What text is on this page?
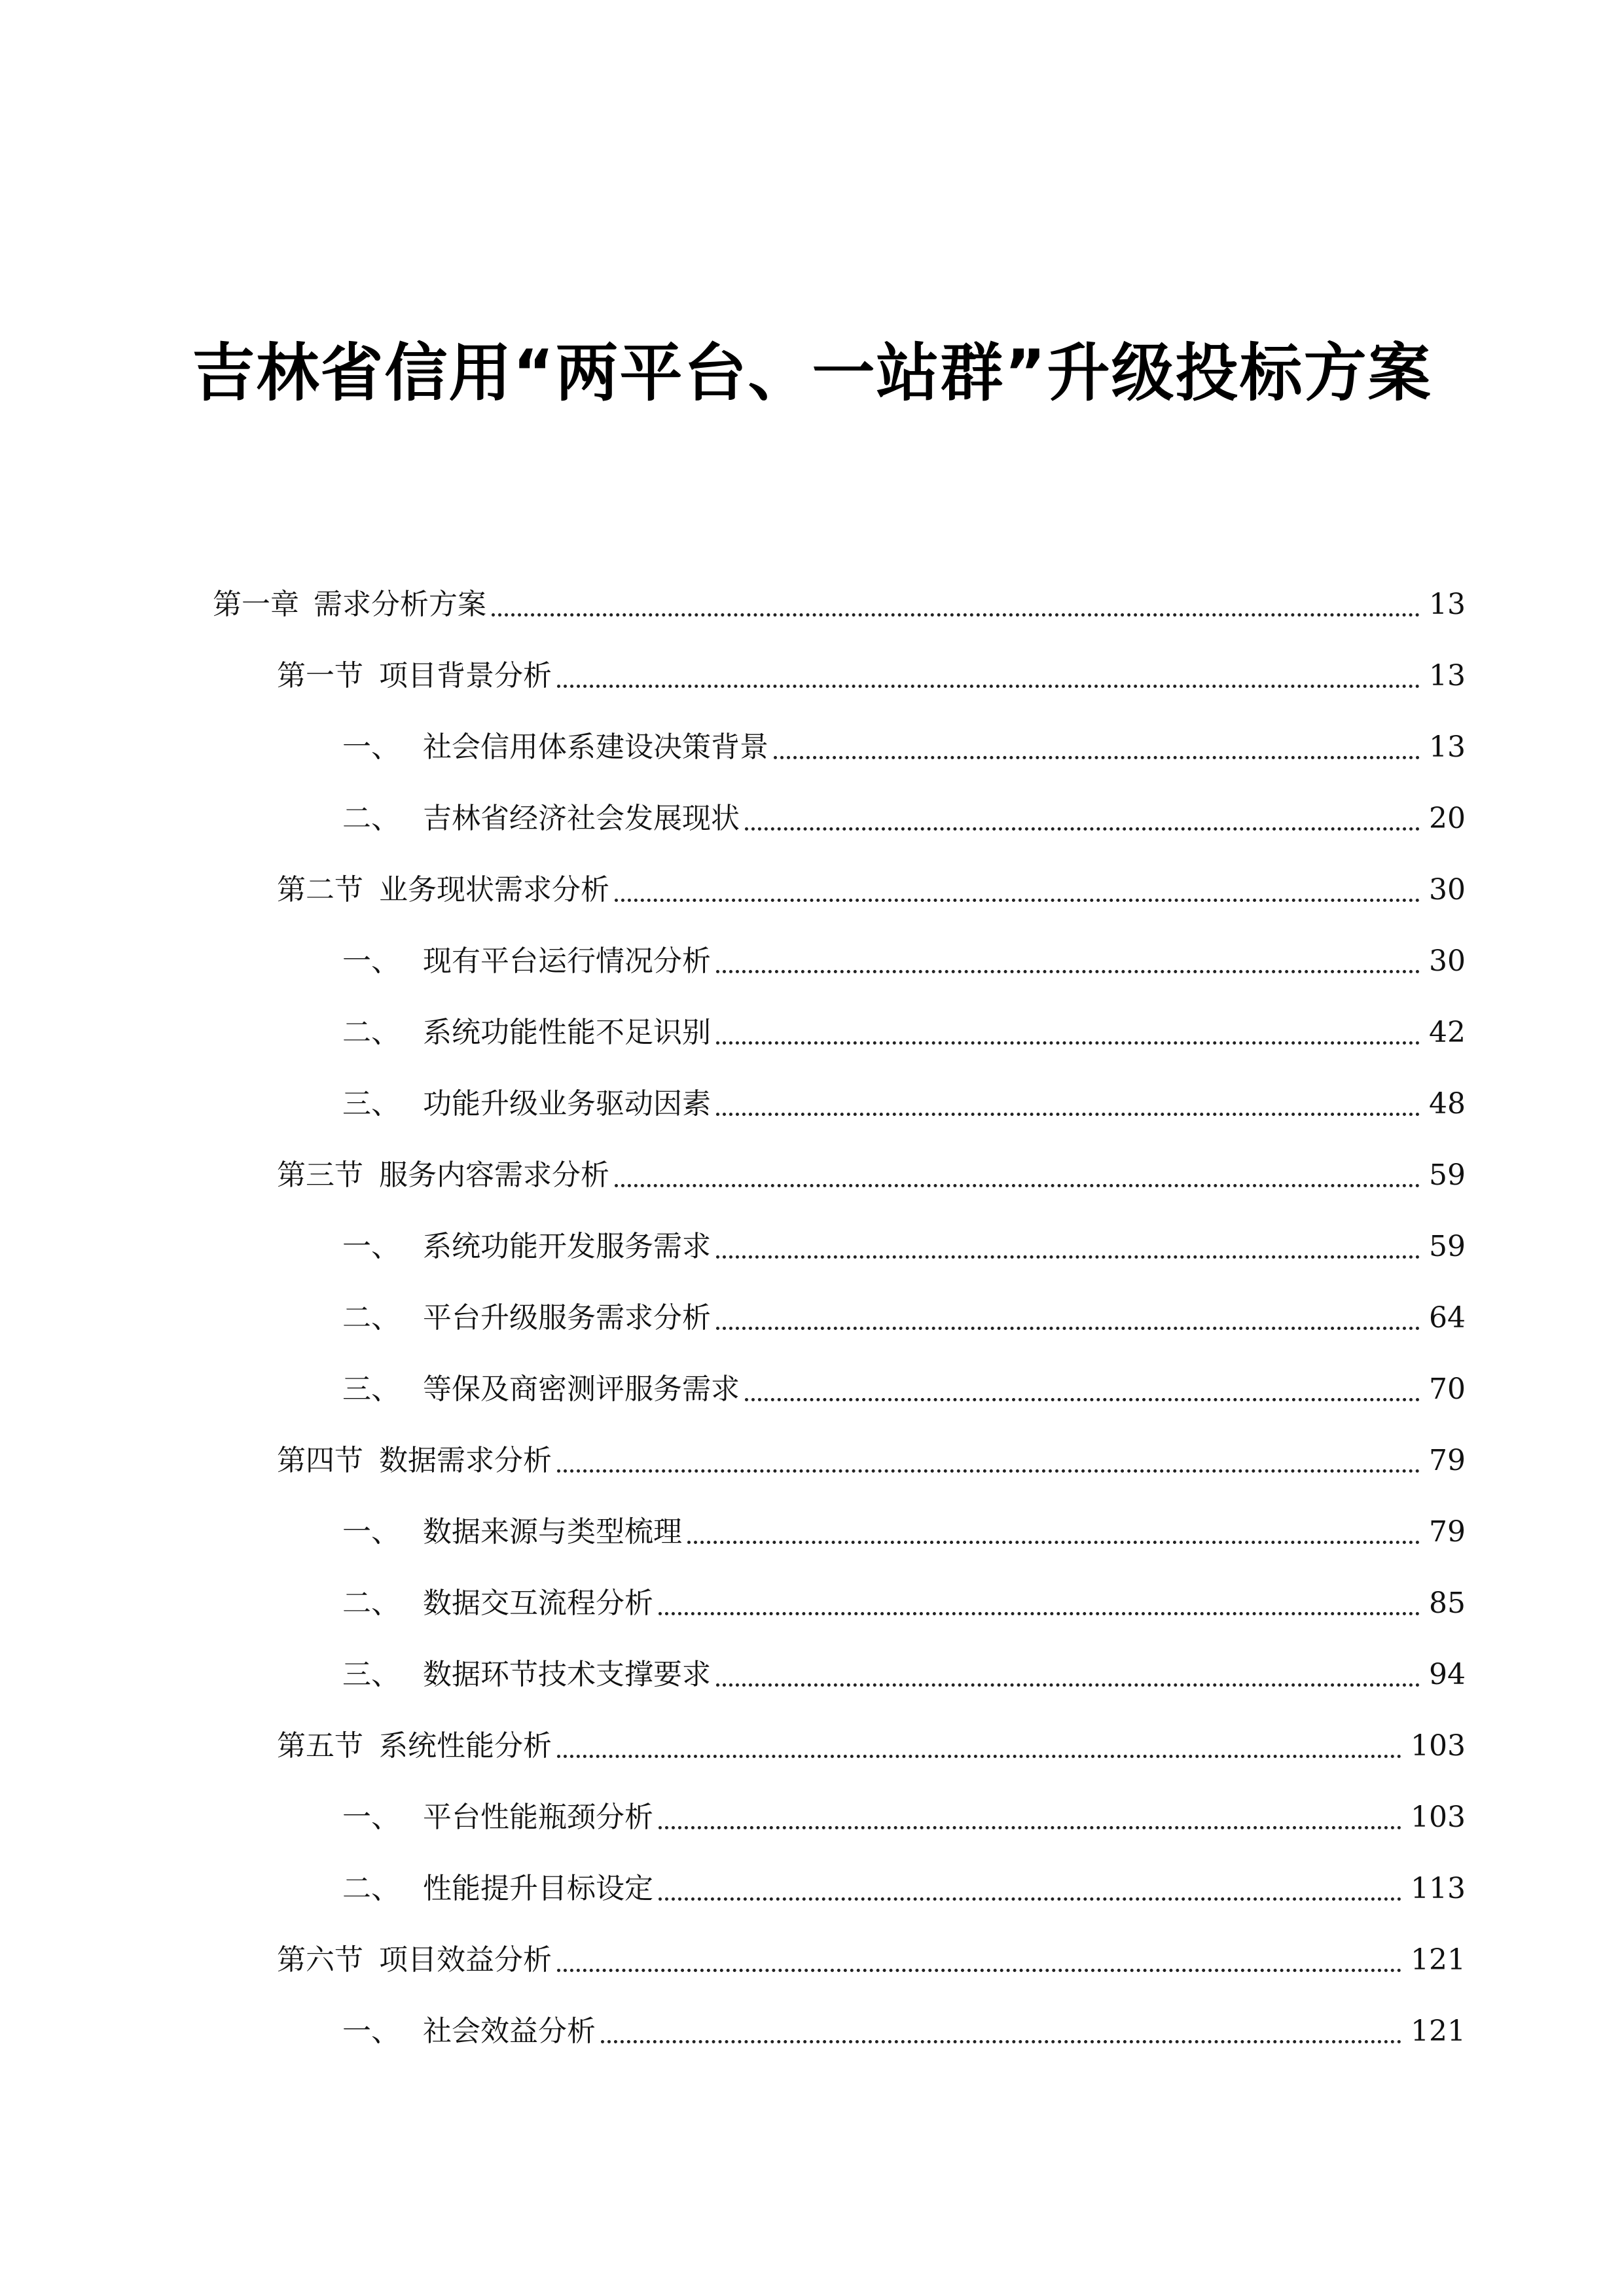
吉林省信用“两平台、一站群”升级投标方案
第一章 需求分析方案	13
第一节 项目背景分析	13
一、 社会信用体系建设决策背景	13
二、 吉林省经济社会发展现状	20
第二节 业务现状需求分析	30
一、 现有平台运行情况分析	30
二、 系统功能性能不足识别	42
三、 功能升级业务驱动因素	48
第三节 服务内容需求分析	59
一、 系统功能开发服务需求	59
二、 平台升级服务需求分析	64
三、 等保及商密测评服务需求	70
第四节 数据需求分析	79
一、 数据来源与类型梳理	79
二、 数据交互流程分析	85
三、 数据环节技术支撑要求	94
第五节 系统性能分析	103
一、 平台性能瓶颈分析	103
二、 性能提升目标设定	113
第六节 项目效益分析	121
一、 社会效益分析	121
